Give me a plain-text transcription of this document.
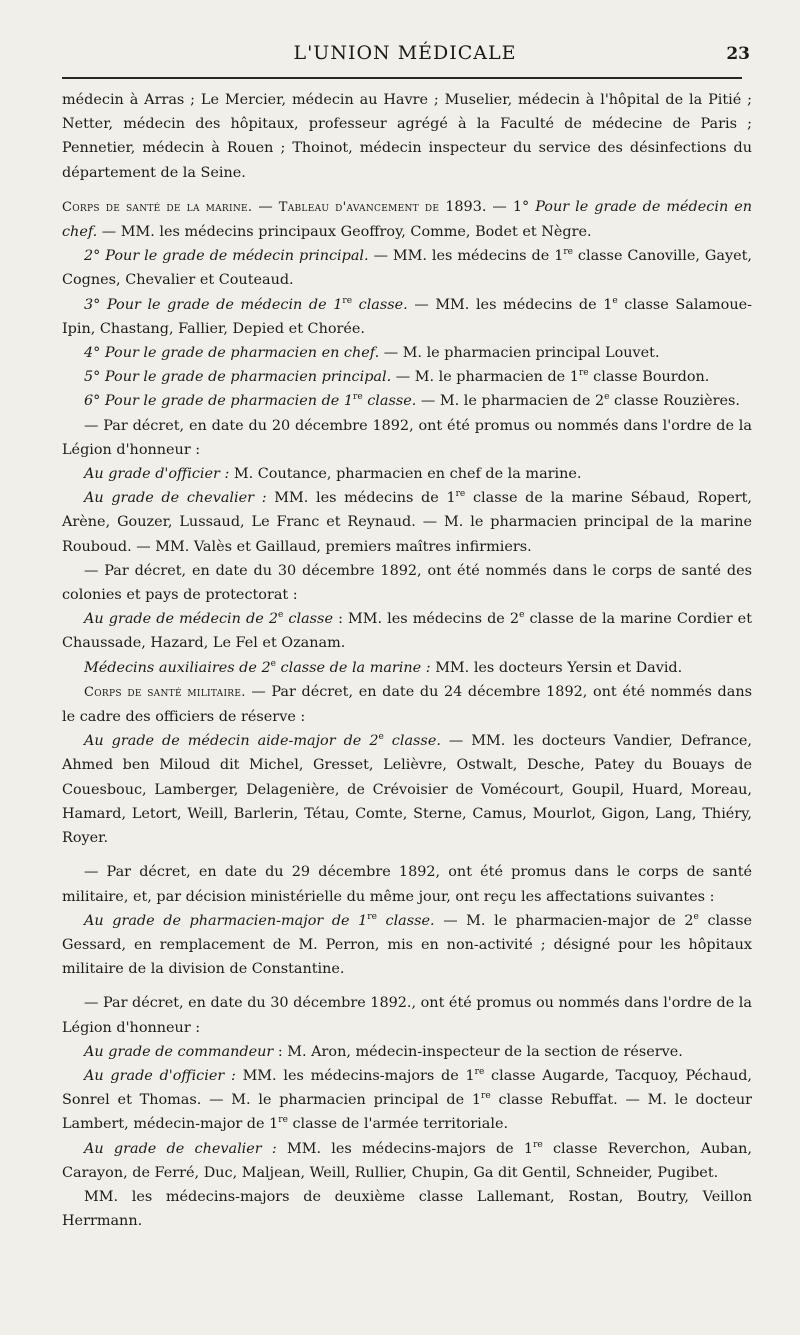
L'UNION MÉDICALE	23

médecin à Arras ; Le Mercier, médecin au Havre ; Muselier, médecin à l'hôpital de la Pitié ; Netter, médecin des hôpitaux, professeur agrégé à la Faculté de médecine de Paris ; Pennetier, médecin à Rouen ; Thoinot, médecin inspecteur du service des désinfections du département de la Seine.

Corps de santé de la marine. — Tableau d'avancement de 1893. — 1° Pour le grade de médecin en chef. — MM. les médecins principaux Geoffroy, Comme, Bodet et Nègre.

2° Pour le grade de médecin principal. — MM. les médecins de 1re classe Canoville, Gayet, Cognes, Chevalier et Couteaud.

3° Pour le grade de médecin de 1re classe. — MM. les médecins de 1e classe Salamoue-Ipin, Chastang, Fallier, Depied et Chorée.

4° Pour le grade de pharmacien en chef. — M. le pharmacien principal Louvet.

5° Pour le grade de pharmacien principal. — M. le pharmacien de 1re classe Bourdon.

6° Pour le grade de pharmacien de 1re classe. — M. le pharmacien de 2e classe Rouzières.

— Par décret, en date du 20 décembre 1892, ont été promus ou nommés dans l'ordre de la Légion d'honneur :

Au grade d'officier : M. Coutance, pharmacien en chef de la marine.

Au grade de chevalier : MM. les médecins de 1re classe de la marine Sébaud, Ropert, Arène, Gouzer, Lussaud, Le Franc et Reynaud. — M. le pharmacien principal de la marine Rouboud. — MM. Valès et Gaillaud, premiers maîtres infirmiers.

— Par décret, en date du 30 décembre 1892, ont été nommés dans le corps de santé des colonies et pays de protectorat :

Au grade de médecin de 2e classe : MM. les médecins de 2e classe de la marine Cordier et Chaussade, Hazard, Le Fel et Ozanam.

Médecins auxiliaires de 2e classe de la marine : MM. les docteurs Yersin et David.

Corps de santé militaire. — Par décret, en date du 24 décembre 1892, ont été nommés dans le cadre des officiers de réserve :

Au grade de médecin aide-major de 2e classe. — MM. les docteurs Vandier, Defrance, Ahmed ben Miloud dit Michel, Gresset, Lelièvre, Ostwalt, Desche, Patey du Bouays de Couesbouc, Lamberger, Delagenière, de Crévoisier de Vomécourt, Goupil, Huard, Moreau, Hamard, Letort, Weill, Barlerin, Tétau, Comte, Sterne, Camus, Mourlot, Gigon, Lang, Thiéry, Royer.

— Par décret, en date du 29 décembre 1892, ont été promus dans le corps de santé militaire, et, par décision ministérielle du même jour, ont reçu les affectations suivantes :

Au grade de pharmacien-major de 1re classe. — M. le pharmacien-major de 2e classe Gessard, en remplacement de M. Perron, mis en non-activité ; désigné pour les hôpitaux militaire de la division de Constantine.

— Par décret, en date du 30 décembre 1892., ont été promus ou nommés dans l'ordre de la Légion d'honneur :

Au grade de commandeur : M. Aron, médecin-inspecteur de la section de réserve.

Au grade d'officier : MM. les médecins-majors de 1re classe Augarde, Tacquoy, Péchaud, Sonrel et Thomas. — M. le pharmacien principal de 1re classe Rebuffat. — M. le docteur Lambert, médecin-major de 1re classe de l'armée territoriale.

Au grade de chevalier : MM. les médecins-majors de 1re classe Reverchon, Auban, Carayon, de Ferré, Duc, Maljean, Weill, Rullier, Chupin, Ga dit Gentil, Schneider, Pugibet.

MM. les médecins-majors de deuxième classe Lallemant, Rostan, Boutry, Veillon Herrmann.
